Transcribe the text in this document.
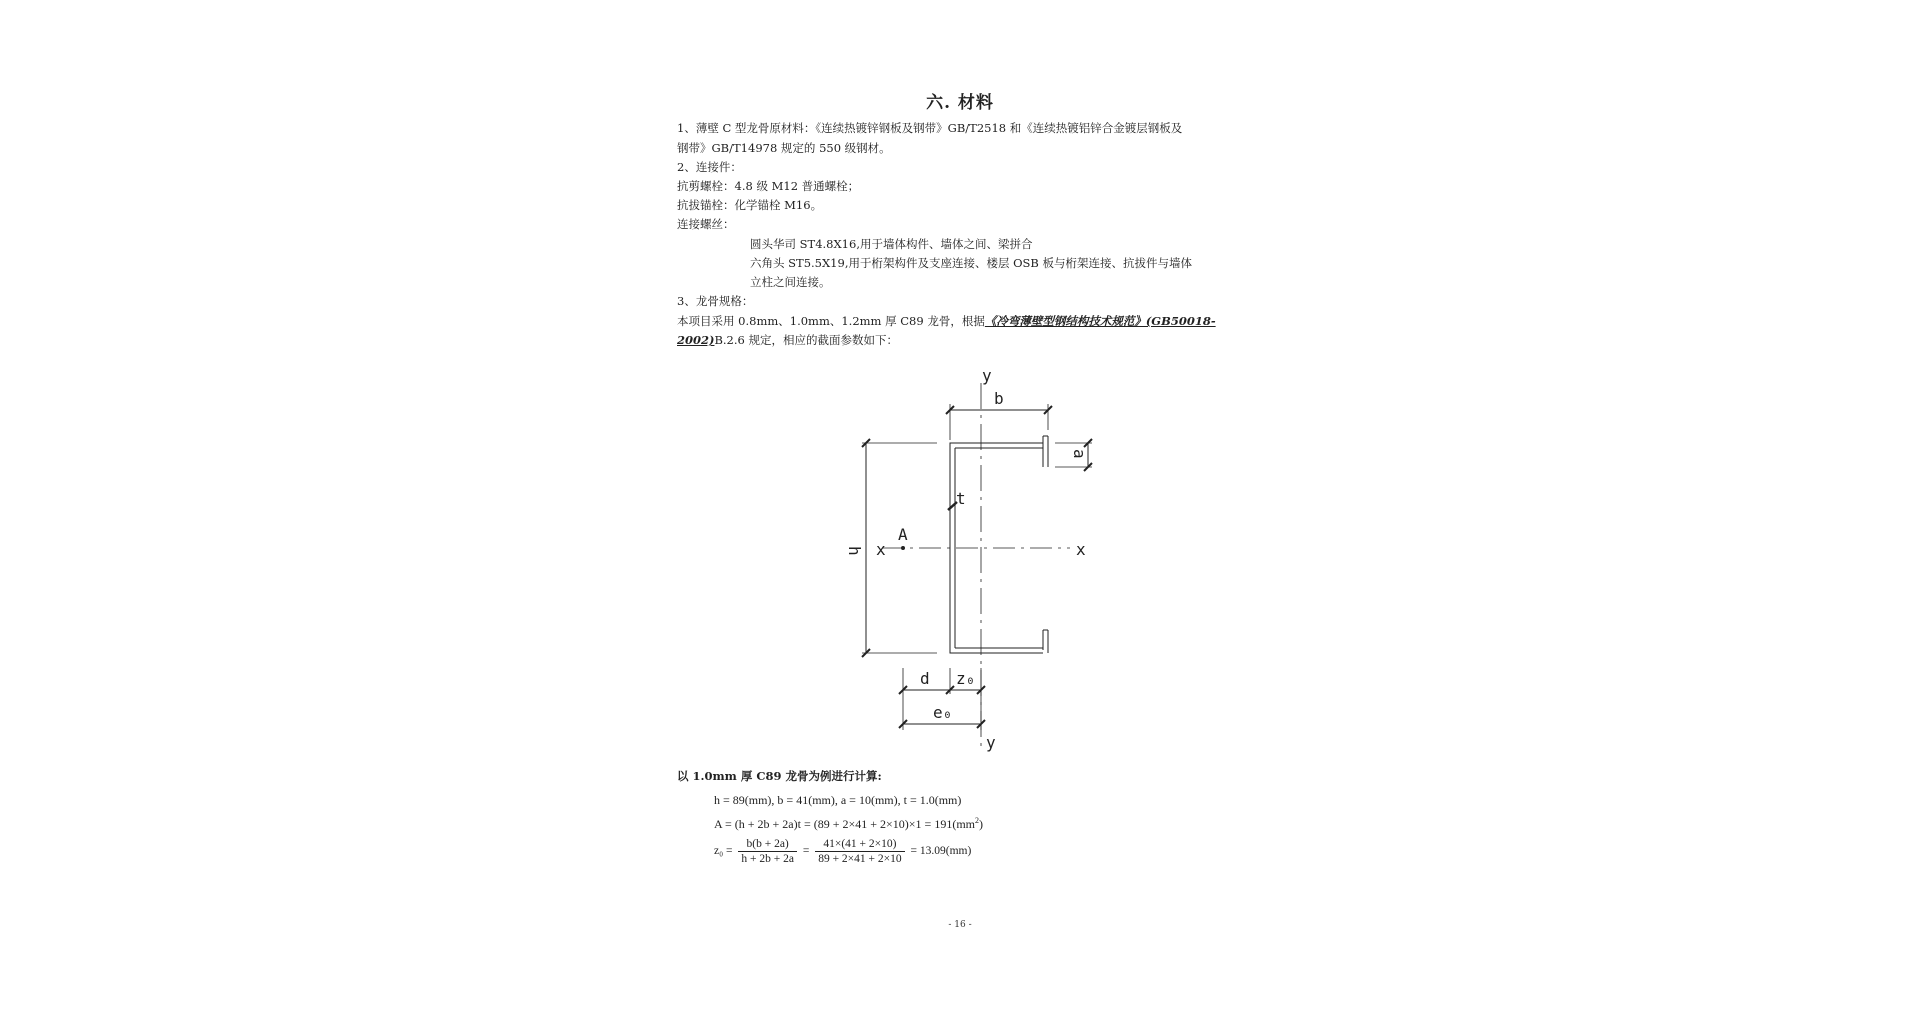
六. 材料
1、薄壁 C 型龙骨原材料：《连续热镀锌钢板及钢带》GB/T2518 和《连续热镀铝锌合金镀层钢板及
钢带》GB/T14978 规定的 550 级钢材。
2、连接件：
抗剪螺栓：4.8 级 M12 普通螺栓；
抗拔锚栓：化学锚栓 M16。
连接螺丝：
圆头华司 ST4.8X16,用于墙体构件、墙体之间、梁拼合
六角头 ST5.5X19,用于桁架构件及支座连接、楼层 OSB 板与桁架连接、抗拔件与墙体
立柱之间连接。
3、龙骨规格：
本项目采用 0.8mm、1.0mm、1.2mm 厚 C89 龙骨，根据《冷弯薄壁型钢结构技术规范》(GB50018-
2002)B.2.6 规定，相应的截面参数如下：
y
b
a
t
A
x	x
h
d z₀
e₀
y
以 1.0mm 厚 C89 龙骨为例进行计算:
h = 89(mm), b = 41(mm), a = 10(mm), t = 1.0(mm)
$A = (h + 2b + 2a)t = (89 + 2\times 41 + 2\times 10)\times 1 = 191(mm^2)$
$z_0 = \frac{b(b + 2a)}{h + 2b + 2a} = \frac{41\times(41 + 2\times 10)}{89 + 2\times 41 + 2\times 10} = 13.09(mm)$
- 16 -
